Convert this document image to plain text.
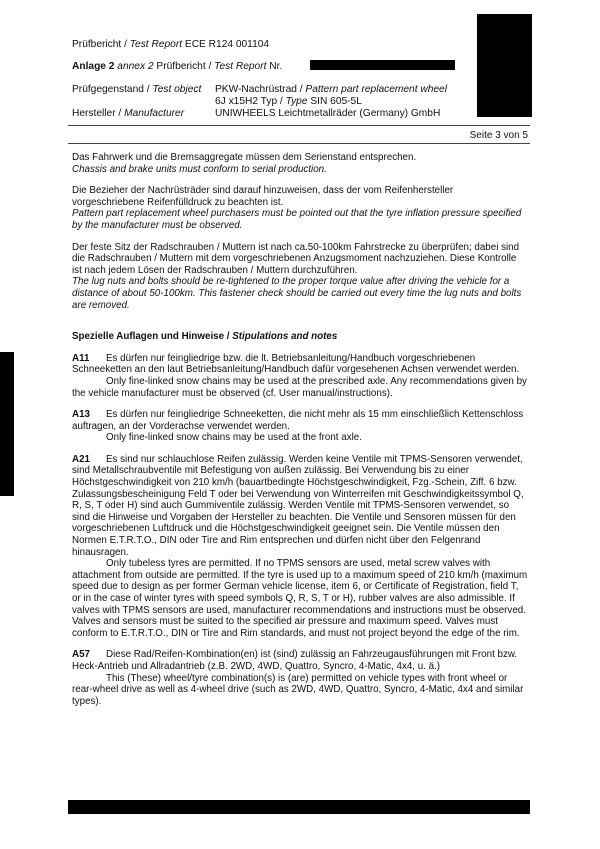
Prüfbericht / Test Report ECE R124 001104
Anlage 2 annex 2 Prüfbericht / Test Report Nr.
Prüfgegenstand / Test object	PKW-Nachrüstrad / Pattern part replacement wheel
6J x15H2 Typ / Type SIN 605-5L
Hersteller / Manufacturer	UNIWHEELS Leichtmetallräder (Germany) GmbH
Seite 3 von 5

Das Fahrwerk und die Bremsaggregate müssen dem Serienstand entsprechen.
Chassis and brake units must conform to serial production.

Die Bezieher der Nachrüsträder sind darauf hinzuweisen, dass der vom Reifenhersteller vorgeschriebene Reifenfülldruck zu beachten ist.
Pattern part replacement wheel purchasers must be pointed out that the tyre inflation pressure specified by the manufacturer must be observed.

Der feste Sitz der Radschrauben / Muttern ist nach ca.50-100km Fahrstrecke zu überprüfen; dabei sind die Radschrauben / Muttern mit dem vorgeschriebenen Anzugsmoment nachzuziehen. Diese Kontrolle ist nach jedem Lösen der Radschrauben / Muttern durchzuführen.
The lug nuts and bolts should be re-tightened to the proper torque value after driving the vehicle for a distance of about 50-100km. This fastener check should be carried out every time the lug nuts and bolts are removed.

Spezielle Auflagen und Hinweise / Stipulations and notes

A11 Es dürfen nur feingliedrige bzw. die lt. Betriebsanleitung/Handbuch vorgeschriebenen Schneeketten an den laut Betriebsanleitung/Handbuch dafür vorgesehenen Achsen verwendet werden.
Only fine-linked snow chains may be used at the prescribed axle. Any recommendations given by the vehicle manufacturer must be observed (cf. User manual/instructions).
A13 Es dürfen nur feingliedrige Schneeketten, die nicht mehr als 15 mm einschließlich Kettenschloss auftragen, an der Vorderachse verwendet werden.
Only fine-linked snow chains may be used at the front axle.
A21 Es sind nur schlauchlose Reifen zulässig. Werden keine Ventile mit TPMS-Sensoren verwendet, sind Metallschraubventile mit Befestigung von außen zulässig. Bei Verwendung bis zu einer Höchstgeschwindigkeit von 210 km/h (bauartbedingte Höchstgeschwindigkeit, Fzg.-Schein, Ziff. 6 bzw. Zulassungsbescheinigung Feld T oder bei Verwendung von Winterreifen mit Geschwindigkeitssymbol Q, R, S, T oder H) sind auch Gummiventile zulässig. Werden Ventile mit TPMS-Sensoren verwendet, so sind die Hinweise und Vorgaben der Hersteller zu beachten. Die Ventile und Sensoren müssen für den vorgeschriebenen Luftdruck und die Höchstgeschwindigkeit geeignet sein. Die Ventile müssen den Normen E.T.R.T.O., DIN oder Tire and Rim entsprechen und dürfen nicht über den Felgenrand hinausragen.
Only tubeless tyres are permitted. If no TPMS sensors are used, metal screw valves with attachment from outside are permitted. If the tyre is used up to a maximum speed of 210 km/h (maximum speed due to design as per former German vehicle license, item 6, or Certificate of Registration, field T, or in the case of winter tyres with speed symbols Q, R, S, T or H), rubber valves are also admissible. If valves with TPMS sensors are used, manufacturer recommendations and instructions must be observed. Valves and sensors must be suited to the specified air pressure and maximum speed. Valves must conform to E.T.R.T.O., DIN or Tire and Rim standards, and must not project beyond the edge of the rim.
A57 Diese Rad/Reifen-Kombination(en) ist (sind) zulässig an Fahrzeugausführungen mit Front bzw. Heck-Antrieb und Allradantrieb (z.B. 2WD, 4WD, Quattro, Syncro, 4-Matic, 4x4, u. ä.)
This (These) wheel/tyre combination(s) is (are) permitted on vehicle types with front wheel or rear-wheel drive as well as 4-wheel drive (such as 2WD, 4WD, Quattro, Syncro, 4-Matic, 4x4 and similar types).
